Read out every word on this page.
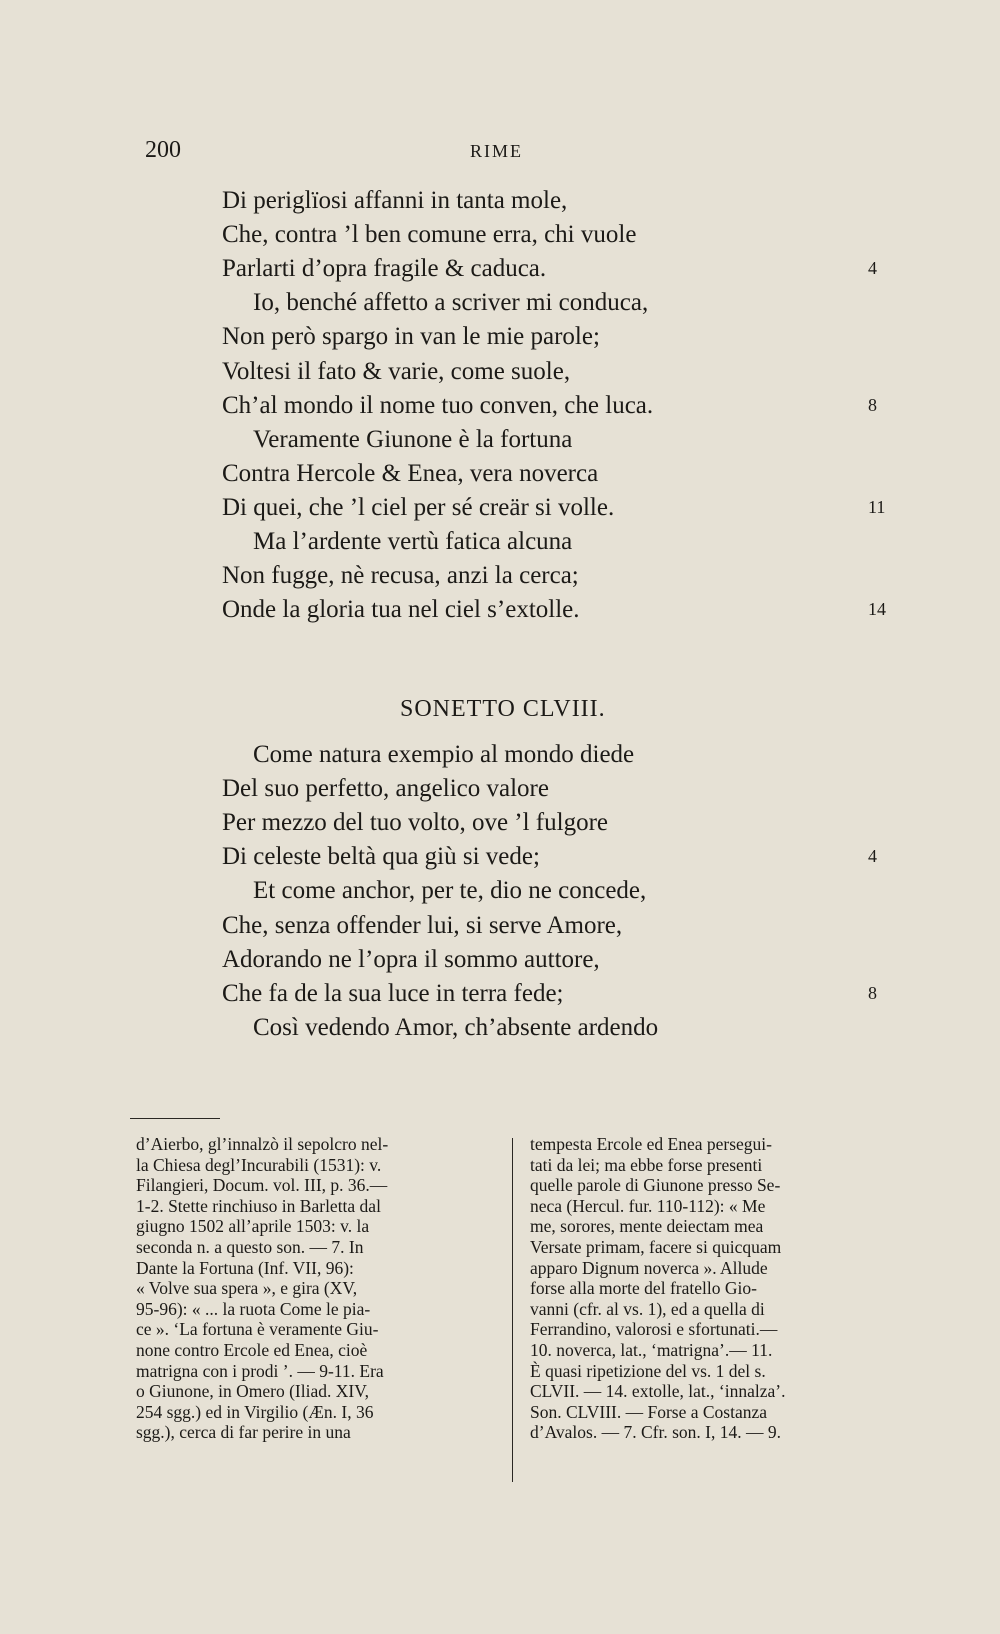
200	RIME
Di periglïosi affanni in tanta mole,
Che, contra ’l ben comune erra, chi vuole
Parlarti d’opra fragile & caduca.	4
Io, benché affetto a scriver mi conduca,
Non però spargo in van le mie parole;
Voltesi il fato & varie, come suole,
Ch’al mondo il nome tuo conven, che luca.	8
Veramente Giunone è la fortuna
Contra Hercole & Enea, vera noverca
Di quei, che ’l ciel per sé creär si volle.	11
Ma l’ardente vertù fatica alcuna
Non fugge, nè recusa, anzi la cerca;
Onde la gloria tua nel ciel s’extolle.	14
SONETTO CLVIII.
Come natura exempio al mondo diede
Del suo perfetto, angelico valore
Per mezzo del tuo volto, ove ’l fulgore
Di celeste beltà qua giù si vede;	4
Et come anchor, per te, dio ne concede,
Che, senza offender lui, si serve Amore,
Adorando ne l’opra il sommo auttore,
Che fa de la sua luce in terra fede;	8
Così vedendo Amor, ch’absente ardendo
d’Aierbo, gl’innalzò il sepolcro nel-
la Chiesa degl’Incurabili (1531): v.
Filangieri, Docum. vol. III, p. 36.—
1-2. Stette rinchiuso in Barletta dal
giugno 1502 all’aprile 1503: v. la
seconda n. a questo son. — 7. In
Dante la Fortuna (Inf. VII, 96):
« Volve sua spera », e gira (XV,
95-96): « ... la ruota Come le pia-
ce ». ‘La fortuna è veramente Giu-
none contro Ercole ed Enea, cioè
matrigna con i prodi ’. — 9-11. Era
o Giunone, in Omero (Iliad. XIV,
254 sgg.) ed in Virgilio (Æn. I, 36
sgg.), cerca di far perire in una
tempesta Ercole ed Enea persegui-
tati da lei; ma ebbe forse presenti
quelle parole di Giunone presso Se-
neca (Hercul. fur. 110-112): « Me
me, sorores, mente deiectam mea
Versate primam, facere si quicquam
apparo Dignum noverca ». Allude
forse alla morte del fratello Gio-
vanni (cfr. al vs. 1), ed a quella di
Ferrandino, valorosi e sfortunati.—
10. noverca, lat., ‘matrigna’.— 11.
È quasi ripetizione del vs. 1 del s.
CLVII. — 14. extolle, lat., ‘innalza’.
Son. CLVIII. — Forse a Costanza
d’Avalos. — 7. Cfr. son. I, 14. — 9.
